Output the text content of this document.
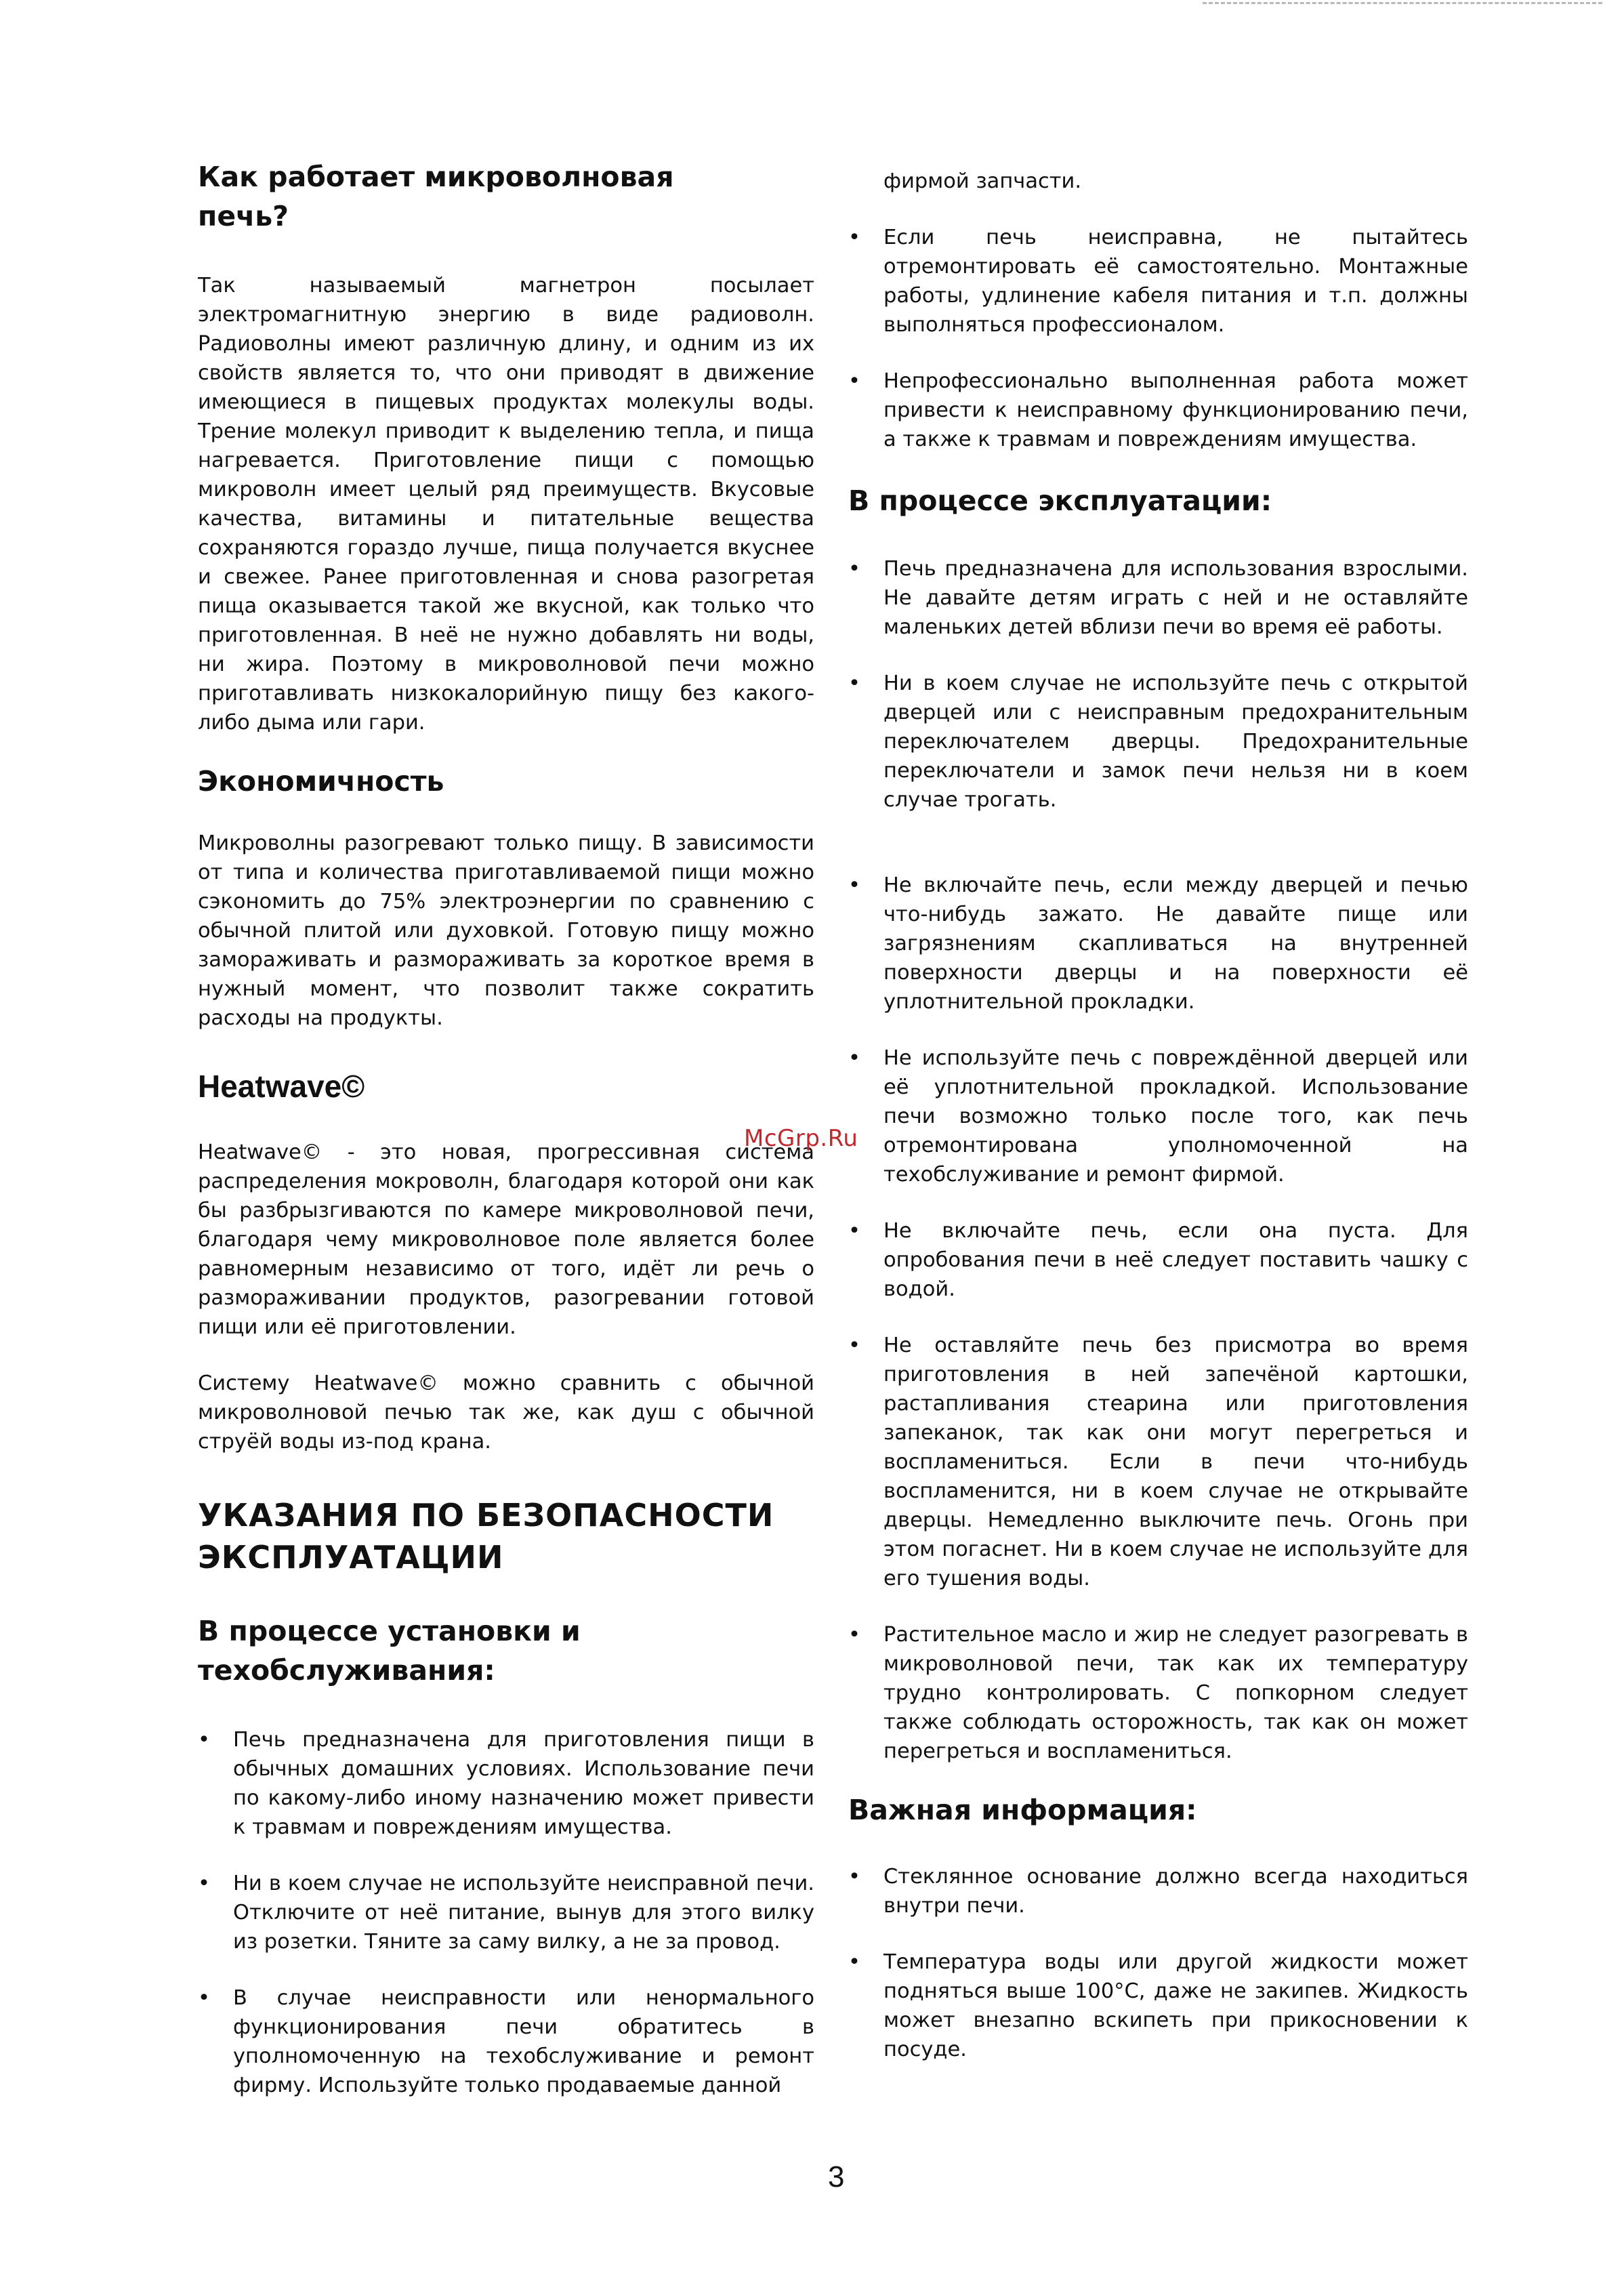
Как работает микроволновая печь?

Так называемый магнетрон посылает электромагнитную энергию в виде радиоволн. Радиоволны имеют различную длину, и одним из их свойств является то, что они приводят в движение имеющиеся в пищевых продуктах молекулы воды. Трение молекул приводит к выделению тепла, и пища нагревается. Приготовление пищи с помощью микроволн имеет целый ряд преимуществ. Вкусовые качества, витамины и питательные вещества сохраняются гораздо лучше, пища получается вкуснее и свежее. Ранее приготовленная и снова разогретая пища оказывается такой же вкусной, как только что приготовленная. В неё не нужно добавлять ни воды, ни жира. Поэтому в микроволновой печи можно приготавливать низкокалорийную пищу без какого-либо дыма или гари.

Экономичность

Микроволны разогревают только пищу. В зависимости от типа и количества приготавливаемой пищи можно сэкономить до 75% электроэнергии по сравнению с обычной плитой или духовкой. Готовую пищу можно замораживать и размораживать за короткое время в нужный момент, что позволит также сократить расходы на продукты.

Heatwave©

Heatwave© - это новая, прогрессивная система распределения мокроволн, благодаря которой они как бы разбрызгиваются по камере микроволновой печи, благодаря чему микроволновое поле является более равномерным независимо от того, идёт ли речь о размораживании продуктов, разогревании готовой пищи или её приготовлении.

Систему Heatwave© можно сравнить с обычной микроволновой печью так же, как душ с обычной струёй воды из-под крана.

УКАЗАНИЯ ПО БЕЗОПАСНОСТИ ЭКСПЛУАТАЦИИ
В процессе установки и техобслуживания:
• Печь предназначена для приготовления пищи в обычных домашних условиях. Использование печи по какому-либо иному назначению может привести к травмам и повреждениям имущества.
• Ни в коем случае не используйте неисправной печи. Отключите от неё питание, вынув для этого вилку из розетки. Тяните за саму вилку, а не за провод.
• В случае неисправности или ненормального функционирования печи обратитесь в уполномоченную на техобслуживание и ремонт фирму. Используйте только продаваемые данной

фирмой запчасти.

• Если печь неисправна, не пытайтесь отремонтировать её самостоятельно. Монтажные работы, удлинение кабеля питания и т.п. должны выполняться профессионалом.
• Непрофессионально выполненная работа может привести к неисправному функционированию печи, а также к травмам и повреждениям имущества.
В процессе эксплуатации:
• Печь предназначена для использования взрослыми. Не давайте детям играть с ней и не оставляйте маленьких детей вблизи печи во время её работы.
• Ни в коем случае не используйте печь с открытой дверцей или с неисправным предохранительным переключателем дверцы. Предохранительные переключатели и замок печи нельзя ни в коем случае трогать.
• Не включайте печь, если между дверцей и печью что-нибудь зажато. Не давайте пище или загрязнениям скапливаться на внутренней поверхности дверцы и на поверхности её уплотнительной прокладки.
• Не используйте печь с повреждённой дверцей или её уплотнительной прокладкой. Использование печи возможно только после того, как печь отремонтирована уполномоченной на техобслуживание и ремонт фирмой.
• Не включайте печь, если она пуста. Для опробования печи в неё следует поставить чашку с водой.
• Не оставляйте печь без присмотра во время приготовления в ней запечёной картошки, растапливания стеарина или приготовления запеканок, так как они могут перегреться и воспламениться. Если в печи что-нибудь воспламенится, ни в коем случае не открывайте дверцы. Немедленно выключите печь. Огонь при этом погаснет. Ни в коем случае не используйте для его тушения воды.
• Растительное масло и жир не следует разогревать в микроволновой печи, так как их температуру трудно контролировать. С попкорном следует также соблюдать осторожность, так как он может перегреться и воспламениться.
Важная информация:
• Стеклянное основание должно всегда находиться внутри печи.
• Температура воды или другой жидкости может подняться выше 100°С, даже не закипев. Жидкость может внезапно вскипеть при прикосновении к посуде.
McGrp.Ru
3
